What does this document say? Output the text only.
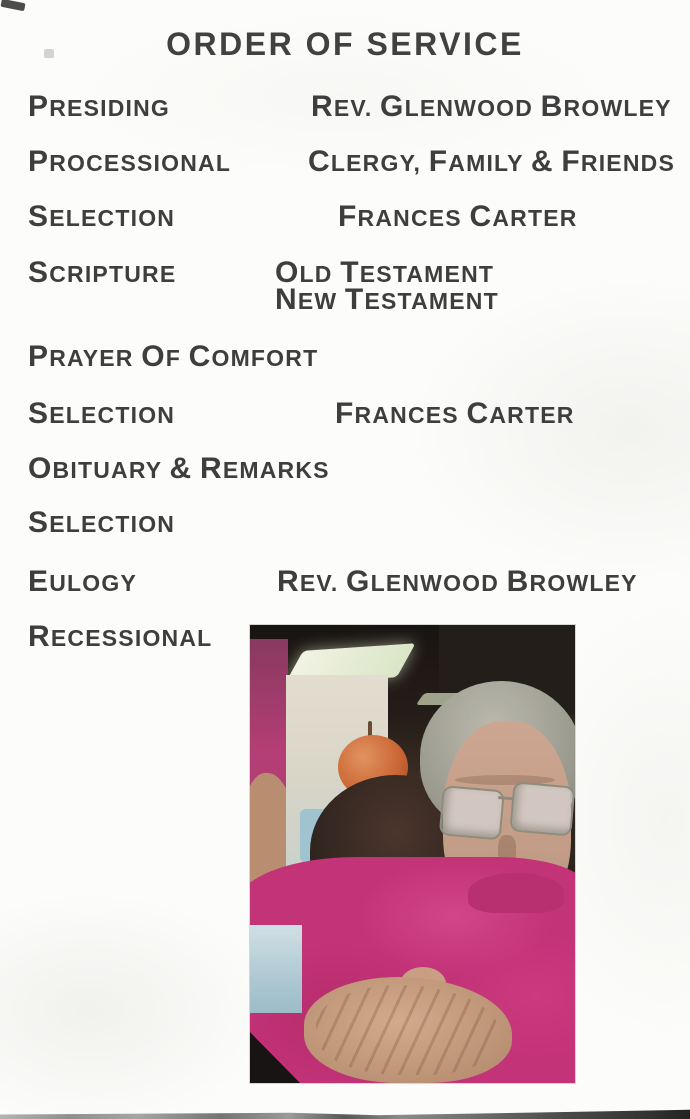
ORDER OF SERVICE
PRESIDING	REV. GLENWOOD BROWLEY
PROCESSIONAL	CLERGY, FAMILY & FRIENDS
SELECTION	FRANCES CARTER
SCRIPTURE	OLD TESTAMENT
NEW TESTAMENT
PRAYER OF COMFORT
SELECTION	FRANCES CARTER
OBITUARY & REMARKS
SELECTION
EULOGY	REV. GLENWOOD BROWLEY
RECESSIONAL
